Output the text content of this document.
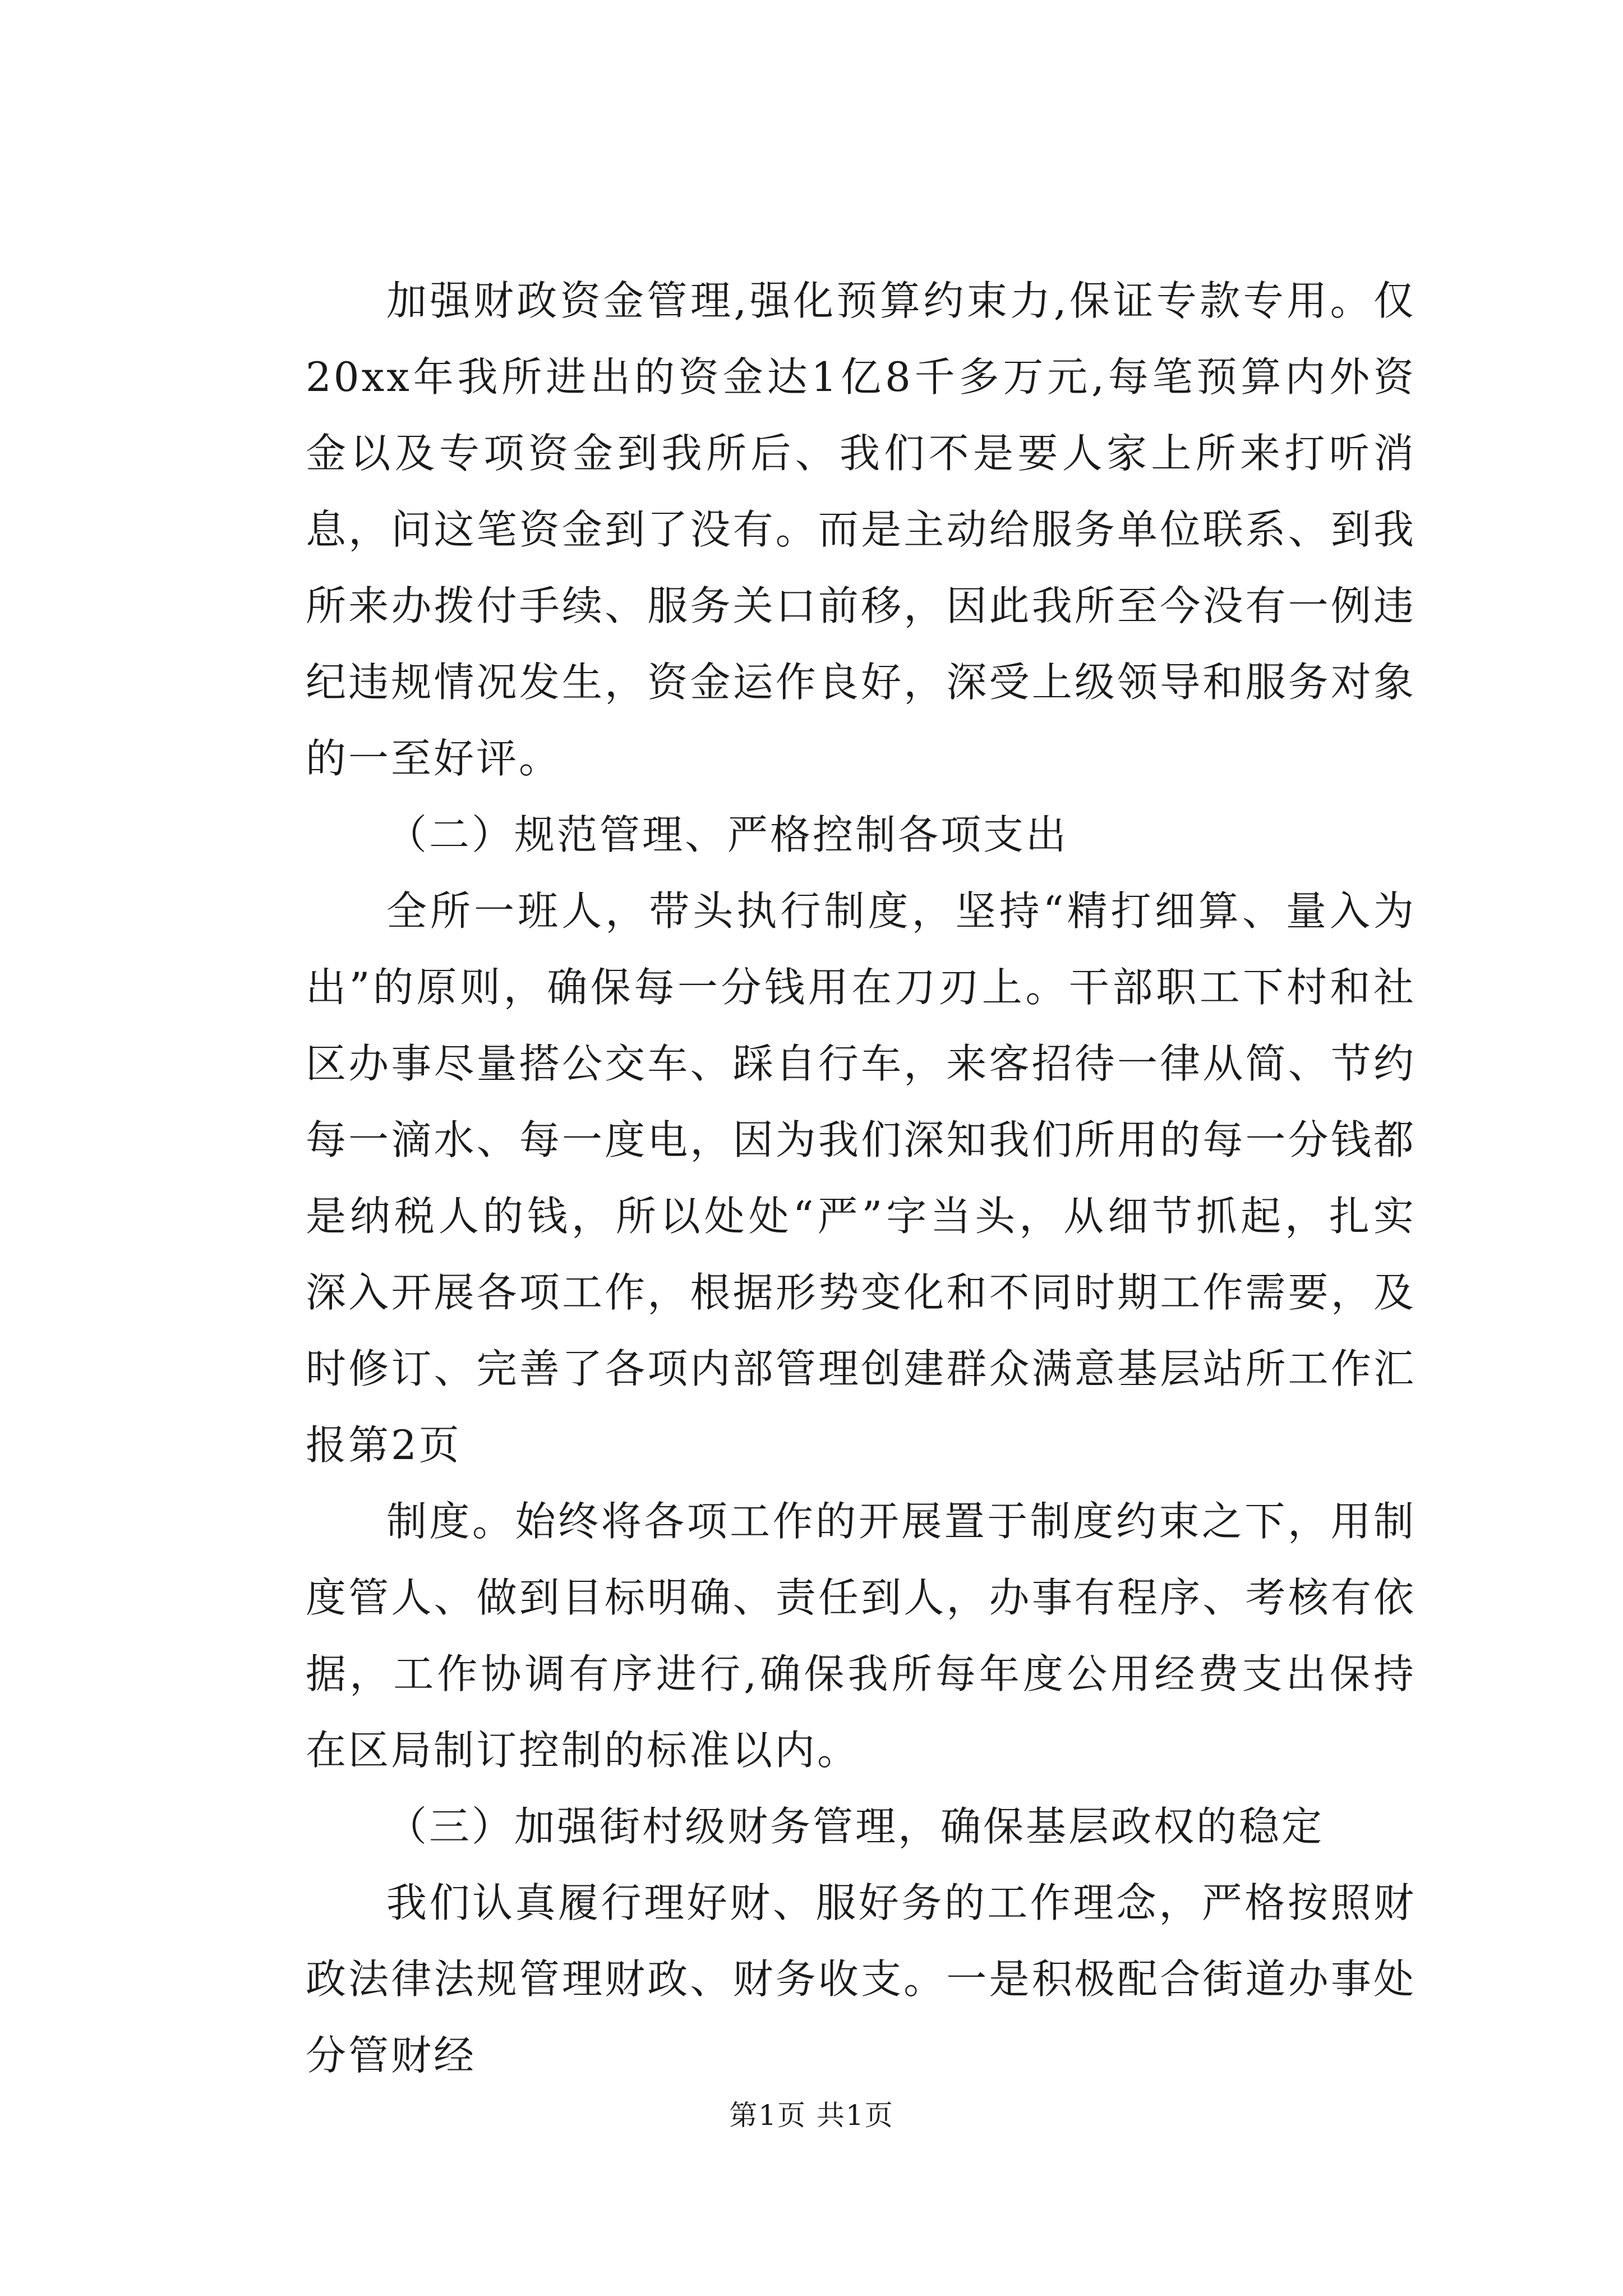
加强财政资金管理,强化预算约束力,保证专款专用。仅20xx年我所进出的资金达1亿8千多万元,每笔预算内外资金以及专项资金到我所后、我们不是要人家上所来打听消息，问这笔资金到了没有。而是主动给服务单位联系、到我所来办拨付手续、服务关口前移，因此我所至今没有一例违纪违规情况发生，资金运作良好，深受上级领导和服务对象的一至好评。

（二）规范管理、严格控制各项支出

全所一班人，带头执行制度，坚持“精打细算、量入为出”的原则，确保每一分钱用在刀刃上。干部职工下村和社区办事尽量搭公交车、踩自行车，来客招待一律从简、节约每一滴水、每一度电，因为我们深知我们所用的每一分钱都是纳税人的钱，所以处处“严”字当头，从细节抓起，扎实深入开展各项工作，根据形势变化和不同时期工作需要，及时修订、完善了各项内部管理创建群众满意基层站所工作汇报第2页

制度。始终将各项工作的开展置于制度约束之下，用制度管人、做到目标明确、责任到人，办事有程序、考核有依据，工作协调有序进行,确保我所每年度公用经费支出保持在区局制订控制的标准以内。

（三）加强街村级财务管理，确保基层政权的稳定

我们认真履行理好财、服好务的工作理念，严格按照财政法律法规管理财政、财务收支。一是积极配合街道办事处分管财经

第1页 共1页
